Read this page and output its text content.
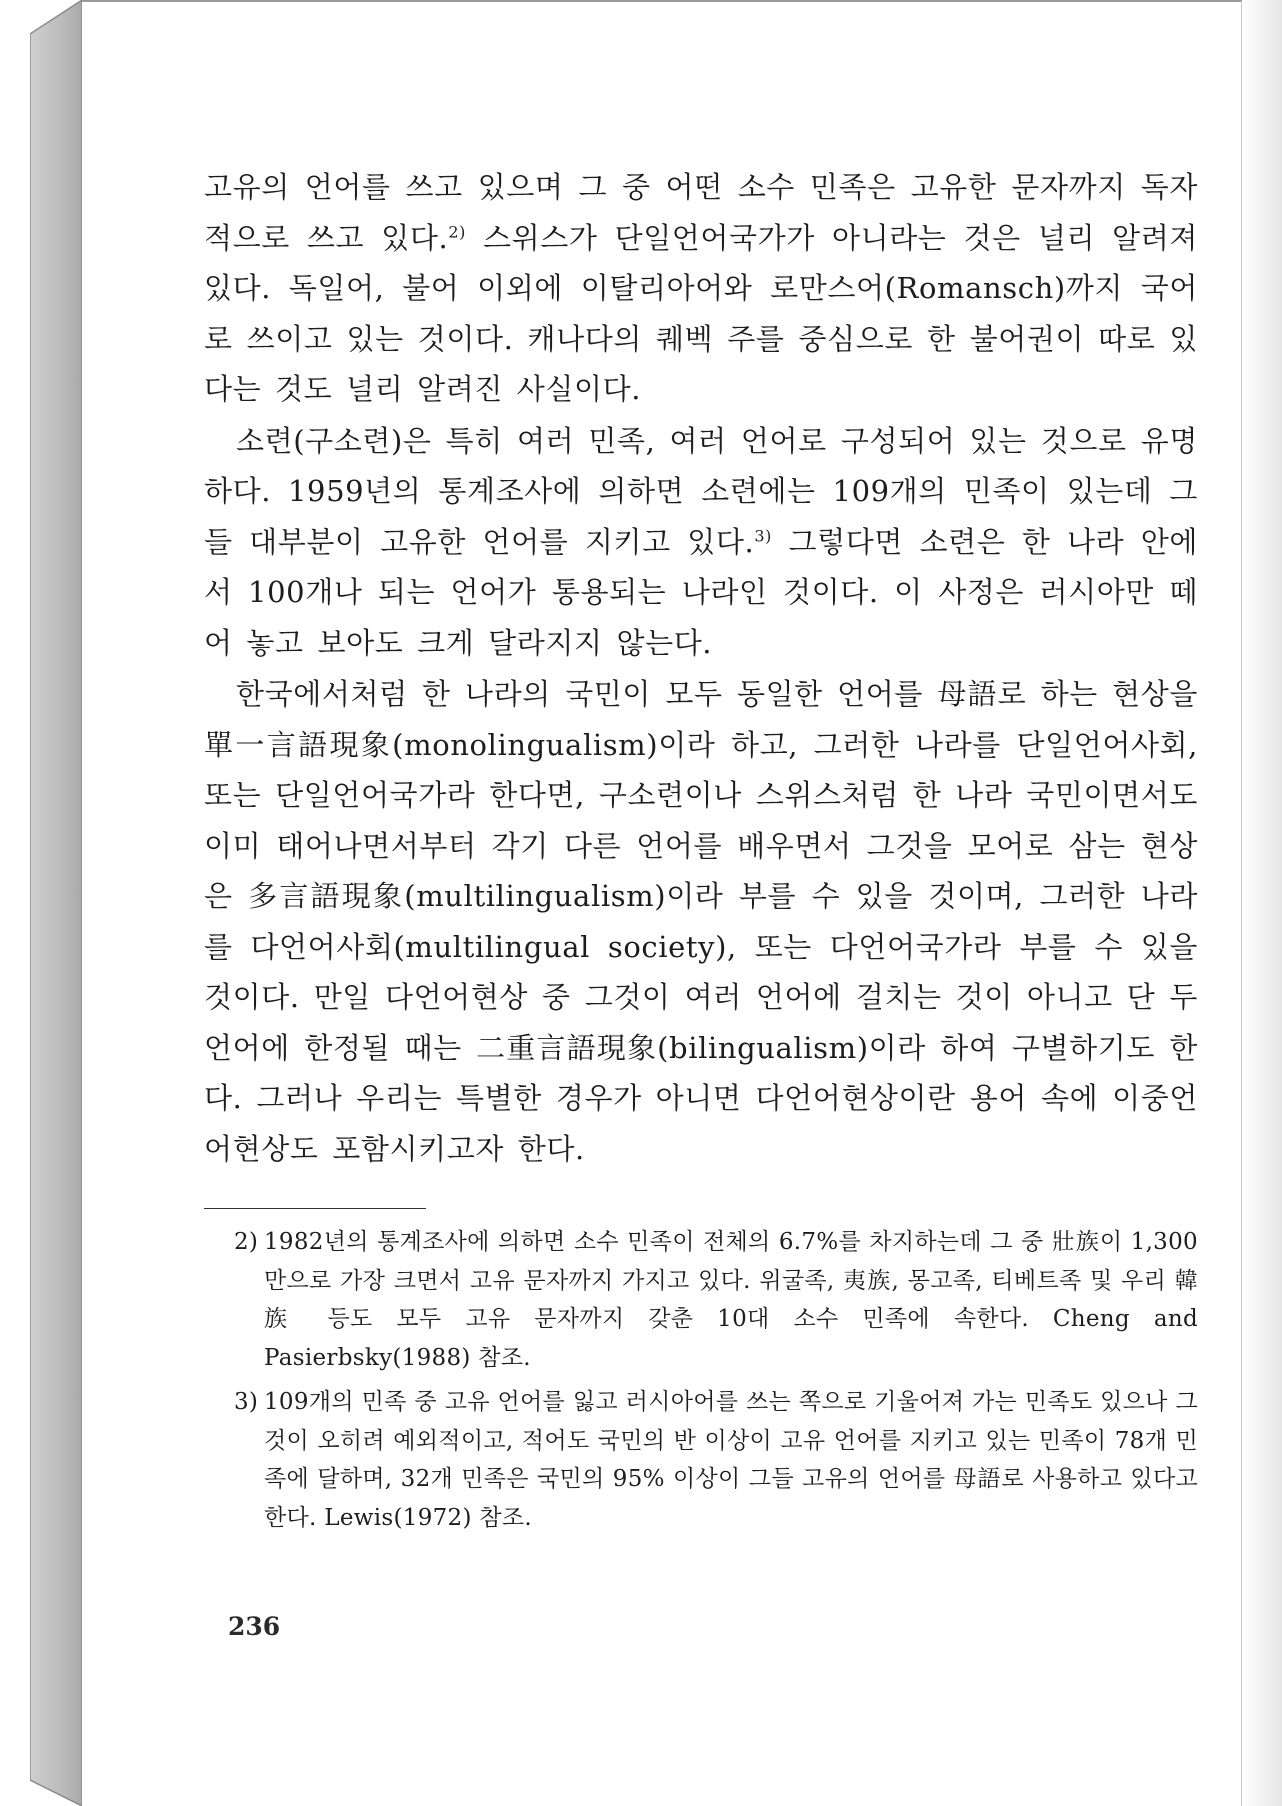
고유의 언어를 쓰고 있으며 그 중 어떤 소수 민족은 고유한 문자까지 독자적으로 쓰고 있다.$^{2)}$ 스위스가 단일언어국가가 아니라는 것은 널리 알려져 있다. 독일어, 불어 이외에 이탈리아어와 로만스어(Romansch)까지 국어로 쓰이고 있는 것이다. 캐나다의 퀘벡 주를 중심으로 한 불어권이 따로 있다는 것도 널리 알려진 사실이다.

소련(구소련)은 특히 여러 민족, 여러 언어로 구성되어 있는 것으로 유명하다. 1959년의 통계조사에 의하면 소련에는 109개의 민족이 있는데 그들 대부분이 고유한 언어를 지키고 있다.$^{3)}$ 그렇다면 소련은 한 나라 안에서 100개나 되는 언어가 통용되는 나라인 것이다. 이 사정은 러시아만 떼어 놓고 보아도 크게 달라지지 않는다.

한국에서처럼 한 나라의 국민이 모두 동일한 언어를 母語로 하는 현상을 單一言語現象(monolingualism)이라 하고, 그러한 나라를 단일언어사회, 또는 단일언어국가라 한다면, 구소련이나 스위스처럼 한 나라 국민이면서도 이미 태어나면서부터 각기 다른 언어를 배우면서 그것을 모어로 삼는 현상은 多言語現象(multilingualism)이라 부를 수 있을 것이며, 그러한 나라를 다언어사회(multilingual society), 또는 다언어국가라 부를 수 있을 것이다. 만일 다언어현상 중 그것이 여러 언어에 걸치는 것이 아니고 단 두 언어에 한정될 때는 二重言語現象(bilingualism)이라 하여 구별하기도 한다. 그러나 우리는 특별한 경우가 아니면 다언어현상이란 용어 속에 이중언어현상도 포함시키고자 한다.

2) 1982년의 통계조사에 의하면 소수 민족이 전체의 6.7%를 차지하는데 그 중 壯族이 1,300만으로 가장 크면서 고유 문자까지 가지고 있다. 위굴족, 夷族, 몽고족, 티베트족 및 우리 韓族 등도 모두 고유 문자까지 갖춘 10대 소수 민족에 속한다. Cheng and Pasierbsky(1988) 참조.
3) 109개의 민족 중 고유 언어를 잃고 러시아어를 쓰는 쪽으로 기울어져 가는 민족도 있으나 그것이 오히려 예외적이고, 적어도 국민의 반 이상이 고유 언어를 지키고 있는 민족이 78개 민족에 달하며, 32개 민족은 국민의 95% 이상이 그들 고유의 언어를 母語로 사용하고 있다고 한다. Lewis(1972) 참조.
236
